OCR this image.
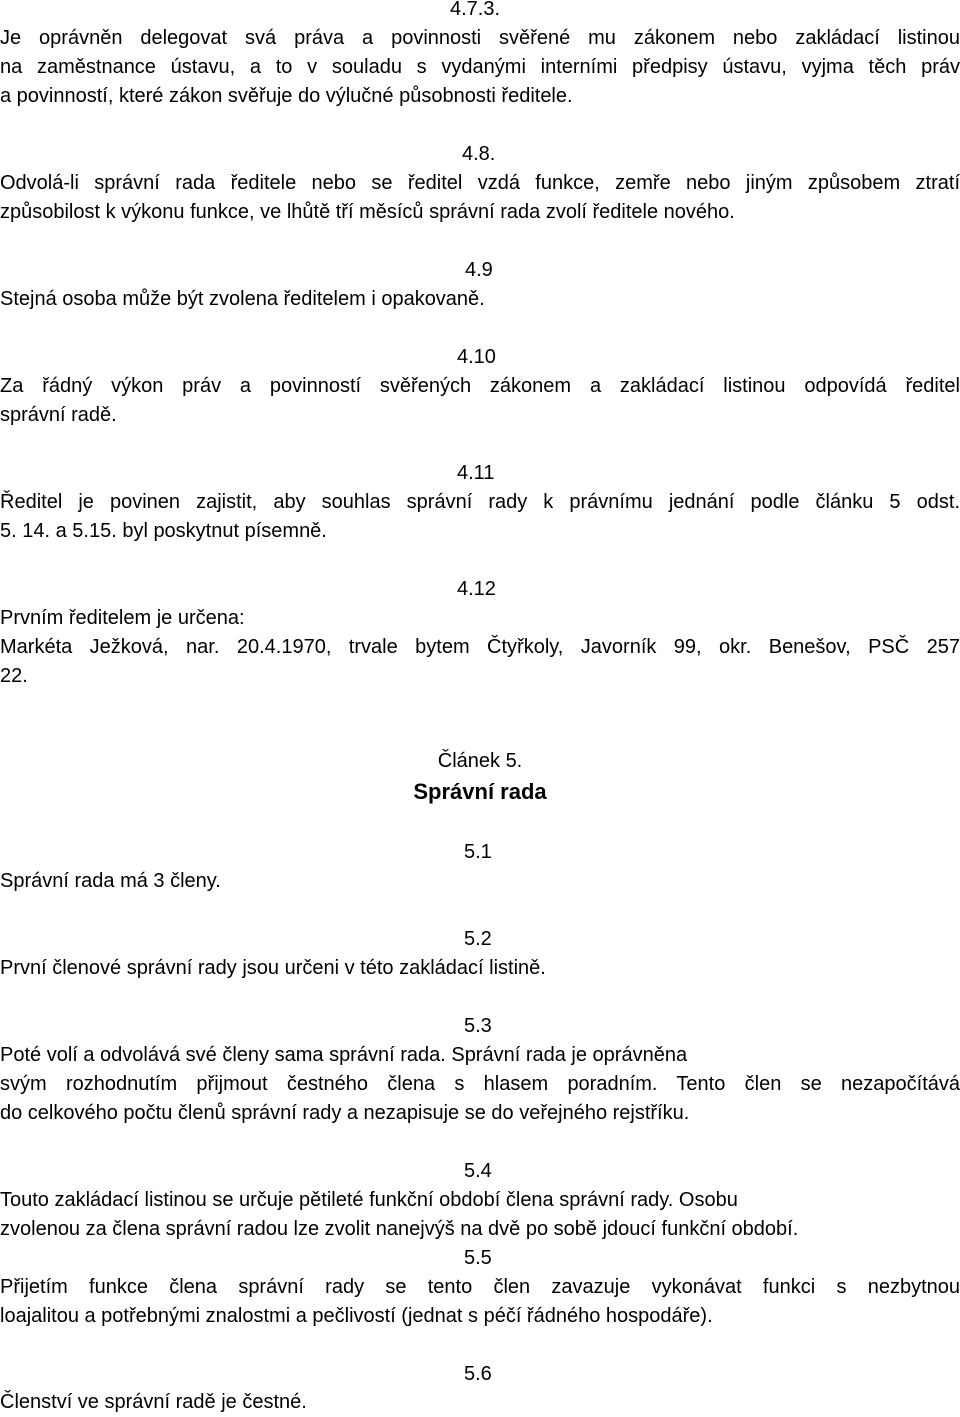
4.7.3.

Je oprávněn delegovat svá práva a povinnosti svěřené mu zákonem nebo zakládací listinou

na zaměstnance ústavu, a to v souladu s vydanými interními předpisy ústavu, vyjma těch práv

a povinností, které zákon svěřuje do výlučné působnosti ředitele.

4.8.

Odvolá-li správní rada ředitele nebo se ředitel vzdá funkce, zemře nebo jiným způsobem ztratí

způsobilost k výkonu funkce, ve lhůtě tří měsíců správní rada zvolí ředitele nového.

4.9

Stejná osoba může být zvolena ředitelem i opakovaně.

4.10

Za řádný výkon práv a povinností svěřených zákonem a zakládací listinou odpovídá ředitel

správní radě.

4.11

Ředitel je povinen zajistit, aby souhlas správní rady k právnímu jednání podle článku 5 odst.

5. 14. a 5.15. byl poskytnut písemně.

4.12

Prvním ředitelem je určena:

Markéta Ježková, nar. 20.4.1970, trvale bytem Čtyřkoly, Javorník 99, okr. Benešov, PSČ 257

22.

Článek 5.

Správní rada

5.1

Správní rada má 3 členy.

5.2

První členové správní rady jsou určeni v této zakládací listině.

5.3

Poté volí a odvolává své členy sama správní rada. Správní rada je oprávněna

svým rozhodnutím přijmout čestného člena s hlasem poradním. Tento člen se nezapočítává

do celkového počtu členů správní rady a nezapisuje se do veřejného rejstříku.

5.4

Touto zakládací listinou se určuje pětileté funkční období člena správní rady. Osobu

zvolenou za člena správní radou lze zvolit nanejvýš na dvě po sobě jdoucí funkční období.

5.5

Přijetím funkce člena správní rady se tento člen zavazuje vykonávat funkci s nezbytnou

loajalitou a potřebnými znalostmi a pečlivostí (jednat s péčí řádného hospodáře).

5.6

Členství ve správní radě je čestné.
